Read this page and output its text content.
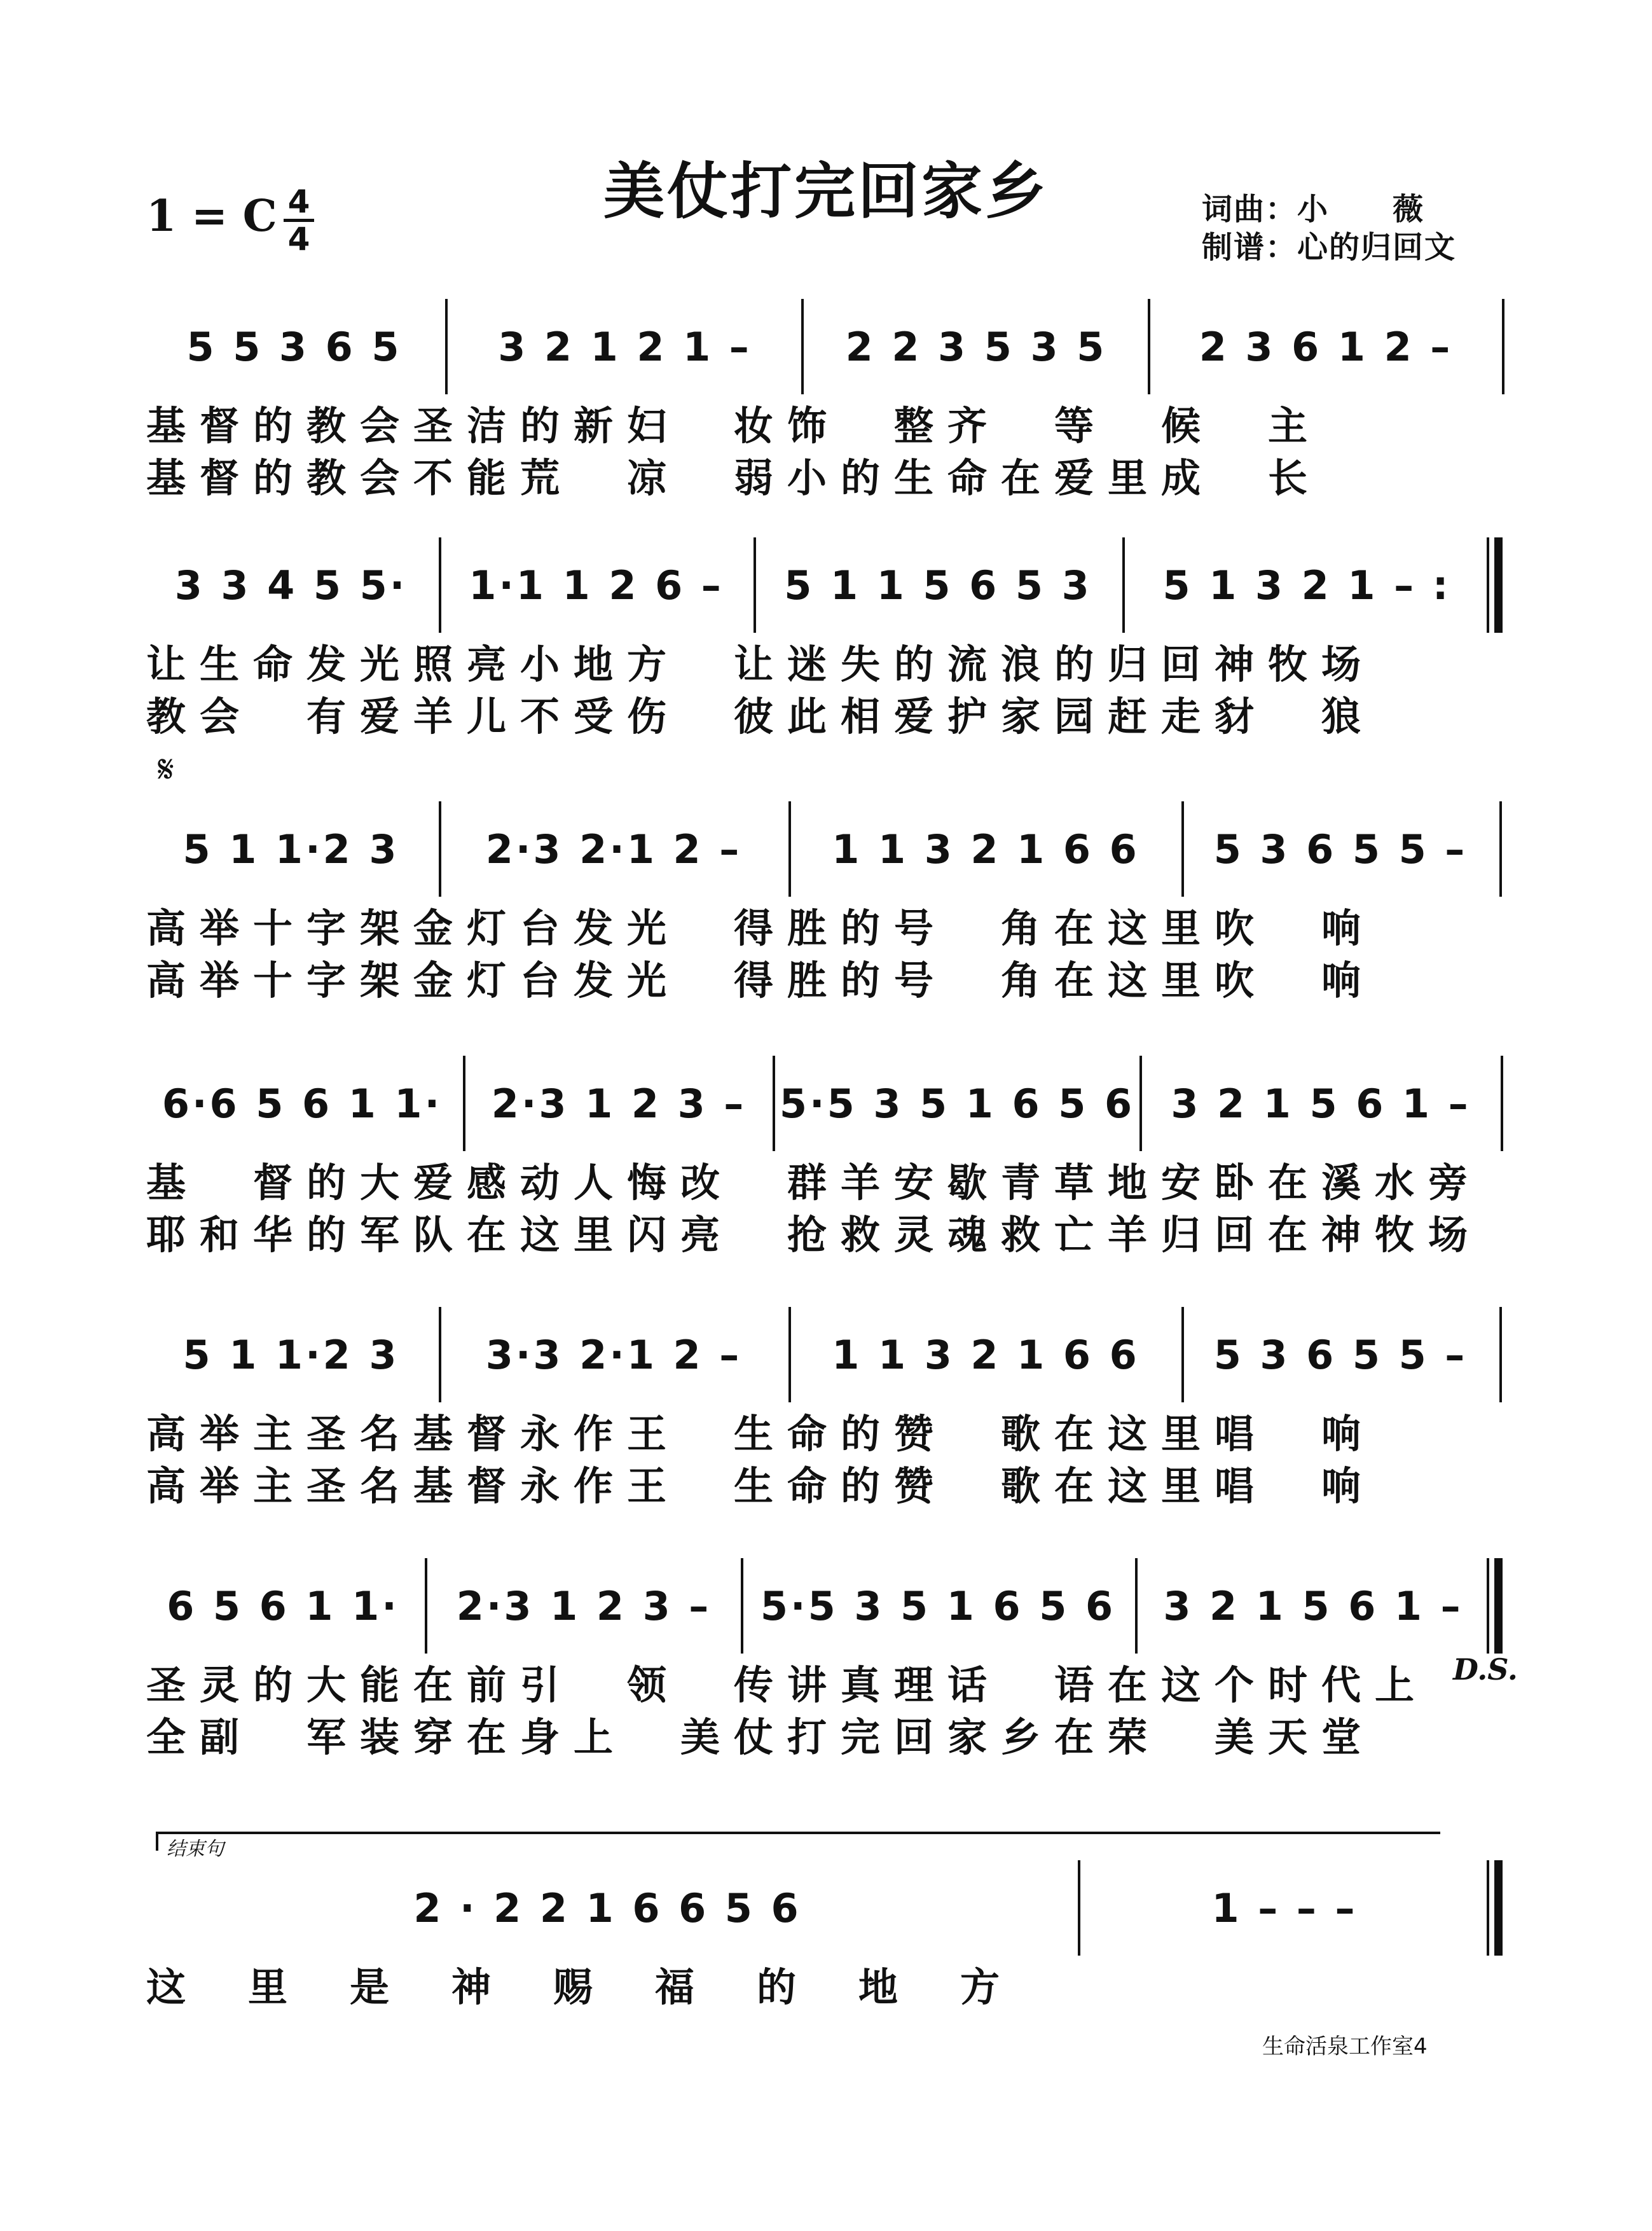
美仗打完回家乡
1 = C 4
4
词曲：小　　薇
制谱：心的归回文
5 5 3 6 5	3 2 1 2 1 –	2 2 3 5 3 5	2 3 6 1 2 –
基督的教会圣洁的新妇　妆饰　整齐　等　候　主
基督的教会不能荒　凉　弱小的生命在爱里成　长
3 3 4 5 5·	1·1 1 2 6 –	5 1 1 5 6 5 3	5 1 3 2 1 – :
让生命发光照亮小地方　让迷失的流浪的归回神牧场
教会　有爱羊儿不受伤　彼此相爱护家园赶走豺　狼
𝄋
5 1 1·2 3	2·3 2·1 2 –	1 1 3 2 1 6 6	5 3 6 5 5 –
高举十字架金灯台发光　得胜的号　角在这里吹　响
高举十字架金灯台发光　得胜的号　角在这里吹　响
6·6 5 6 1 1·	2·3 1 2 3 – 5·5 3 5 1 6 5 6 3 2 1 5 6 1 –
基　督的大爱感动人悔改　群羊安歇青草地安卧在溪水旁
耶和华的军队在这里闪亮　抢救灵魂救亡羊归回在神牧场
5 1 1·2 3	3·3 2·1 2 –	1 1 3 2 1 6 6	5 3 6 5 5 –
高举主圣名基督永作王　生命的赞　歌在这里唱　响
高举主圣名基督永作王　生命的赞　歌在这里唱　响
6 5 6 1 1·	2·3 1 2 3 –	5·5 3 5 1 6 5 6	3 2 1 5 6 1 –
圣灵的大能在前引　领　传讲真理话　语在这个时代上
全副　军装穿在身上　美仗打完回家乡在荣　美天堂
D.S.
结束句
2 · 2 2 1 6 6 5 6	1 – – –
这　里　是　神　赐　福　的　地　方
生命活泉工作室4
